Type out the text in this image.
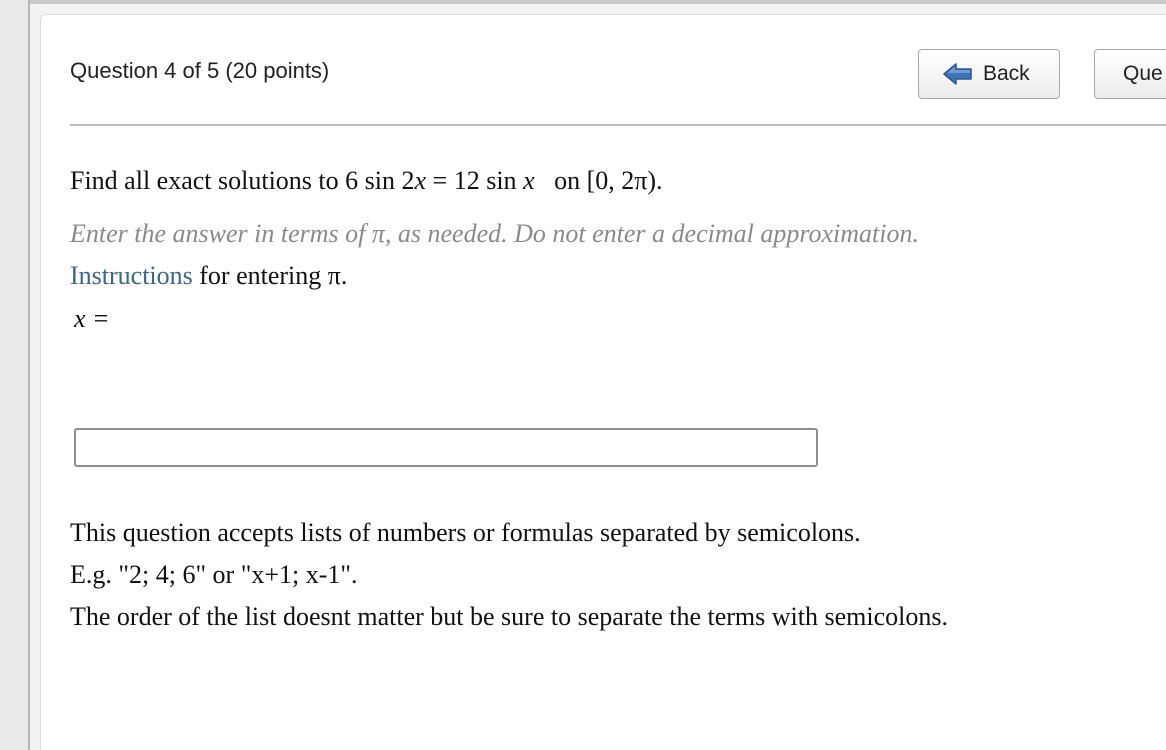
Question 4 of 5 (20 points)	Back	Que
Find all exact solutions to 6 sin 2x = 12 sin x   on [0, 2π).
Enter the answer in terms of π, as needed. Do not enter a decimal approximation.
Instructions for entering π.
x =
This question accepts lists of numbers or formulas separated by semicolons.
E.g. "2; 4; 6" or "x+1; x-1".
The order of the list doesnt matter but be sure to separate the terms with semicolons.
